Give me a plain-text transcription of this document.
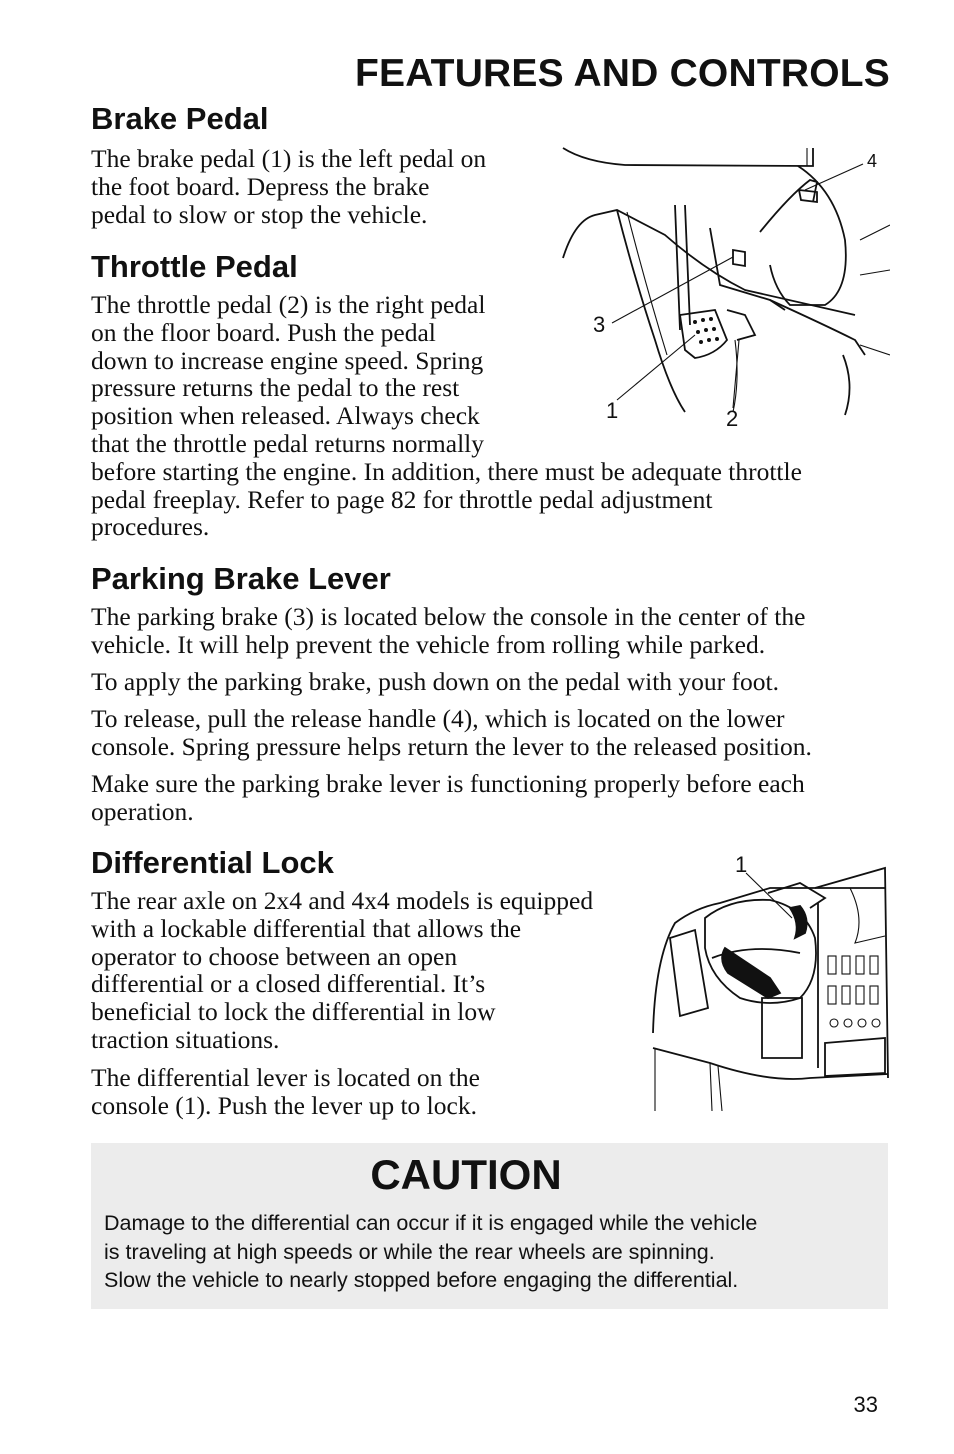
FEATURES AND CONTROLS
Brake Pedal
The brake pedal (1) is the left pedal on
the foot board. Depress the brake
pedal to slow or stop the vehicle.
Throttle Pedal
The throttle pedal (2) is the right pedal
on the floor board. Push the pedal
down to increase engine speed. Spring
pressure returns the pedal to the rest
position when released. Always check
that the throttle pedal returns normally
before starting the engine. In addition, there must be adequate throttle
pedal freeplay. Refer to page 82 for throttle pedal adjustment
procedures.
3
1	2
4
Parking Brake Lever
The parking brake (3) is located below the console in the center of the
vehicle. It will help prevent the vehicle from rolling while parked.
To apply the parking brake, push down on the pedal with your foot.
To release, pull the release handle (4), which is located on the lower
console. Spring pressure helps return the lever to the released position.
Make sure the parking brake lever is functioning properly before each
operation.
Differential Lock
The rear axle on 2x4 and 4x4 models is equipped
with a lockable differential that allows the
operator to choose between an open
differential or a closed differential. It’s
beneficial to lock the differential in low
traction situations.
The differential lever is located on the
console (1). Push the lever up to lock.
1
CAUTION
Damage to the differential can occur if it is engaged while the vehicle
is traveling at high speeds or while the rear wheels are spinning.
Slow the vehicle to nearly stopped before engaging the differential.
33
